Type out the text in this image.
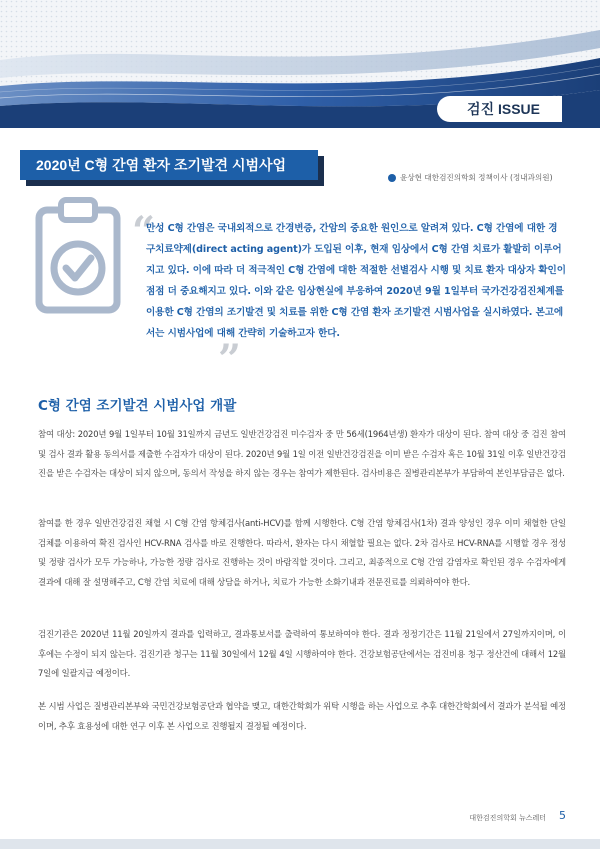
검진 ISSUE
2020년 C형 간염 환자 조기발견 시범사업
윤상현 대한검진의학회 정책이사 (정내과의원)
“
만성 C형 간염은 국내외적으로 간경변증, 간암의 중요한 원인으로 알려져 있다. C형 간염에 대한 경구치료약제(direct acting agent)가 도입된 이후, 현재 임상에서 C형 간염 치료가 활발히 이루어지고 있다. 이에 따라 더 적극적인 C형 간염에 대한 적절한 선별검사 시행 및 치료 환자 대상자 확인이 점점 더 중요해지고 있다. 이와 같은 임상현실에 부응하여 2020년 9월 1일부터 국가건강검진체계를 이용한 C형 간염의 조기발견 및 치료를 위한 C형 간염 환자 조기발견 시범사업을 실시하였다. 본고에서는 시범사업에 대해 간략히 기술하고자 한다.
”
C형 간염 조기발견 시범사업 개괄

참여 대상: 2020년 9월 1일부터 10월 31일까지 금년도 일반건강검진 미수검자 중 만 56세(1964년생) 환자가 대상이 된다. 참여 대상 중 검진 참여 및 검사 결과 활용 동의서를 제출한 수검자가 대상이 된다. 2020년 9월 1일 이전 일반건강검진을 이미 받은 수검자 혹은 10월 31일 이후 일반건강검진을 받은 수검자는 대상이 되지 않으며, 동의서 작성을 하지 않는 경우는 참여가 제한된다. 검사비용은 질병관리본부가 부담하여 본인부담금은 없다.

참여를 한 경우 일반건강검진 채혈 시 C형 간염 항체검사(anti-HCV)를 함께 시행한다. C형 간염 항체검사(1차) 결과 양성인 경우 이미 채혈한 단일 검체를 이용하여 확진 검사인 HCV-RNA 검사를 바로 진행한다. 따라서, 환자는 다시 채혈할 필요는 없다. 2차 검사로 HCV-RNA를 시행할 경우 정성 및 정량 검사가 모두 가능하나, 가능한 정량 검사로 진행하는 것이 바람직할 것이다. 그리고, 최종적으로 C형 간염 감염자로 확인된 경우 수검자에게 결과에 대해 잘 설명해주고, C형 간염 치료에 대해 상담을 하거나, 치료가 가능한 소화기내과 전문진료를 의뢰하여야 한다.

검진기관은 2020년 11월 20일까지 결과를 입력하고, 결과통보서를 출력하여 통보하여야 한다. 결과 정정기간은 11월 21일에서 27일까지이며, 이후에는 수정이 되지 않는다. 검진기관 청구는 11월 30일에서 12월 4일 시행하여야 한다. 건강보험공단에서는 검진비용 청구 정산건에 대해서 12월 7일에 일괄지급 예정이다.

본 시범 사업은 질병관리본부와 국민건강보험공단과 협약을 맺고, 대한간학회가 위탁 시행을 하는 사업으로 추후 대한간학회에서 결과가 분석될 예정이며, 추후 효용성에 대한 연구 이후 본 사업으로 진행될지 결정될 예정이다.

대한검진의학회 뉴스레터 5
